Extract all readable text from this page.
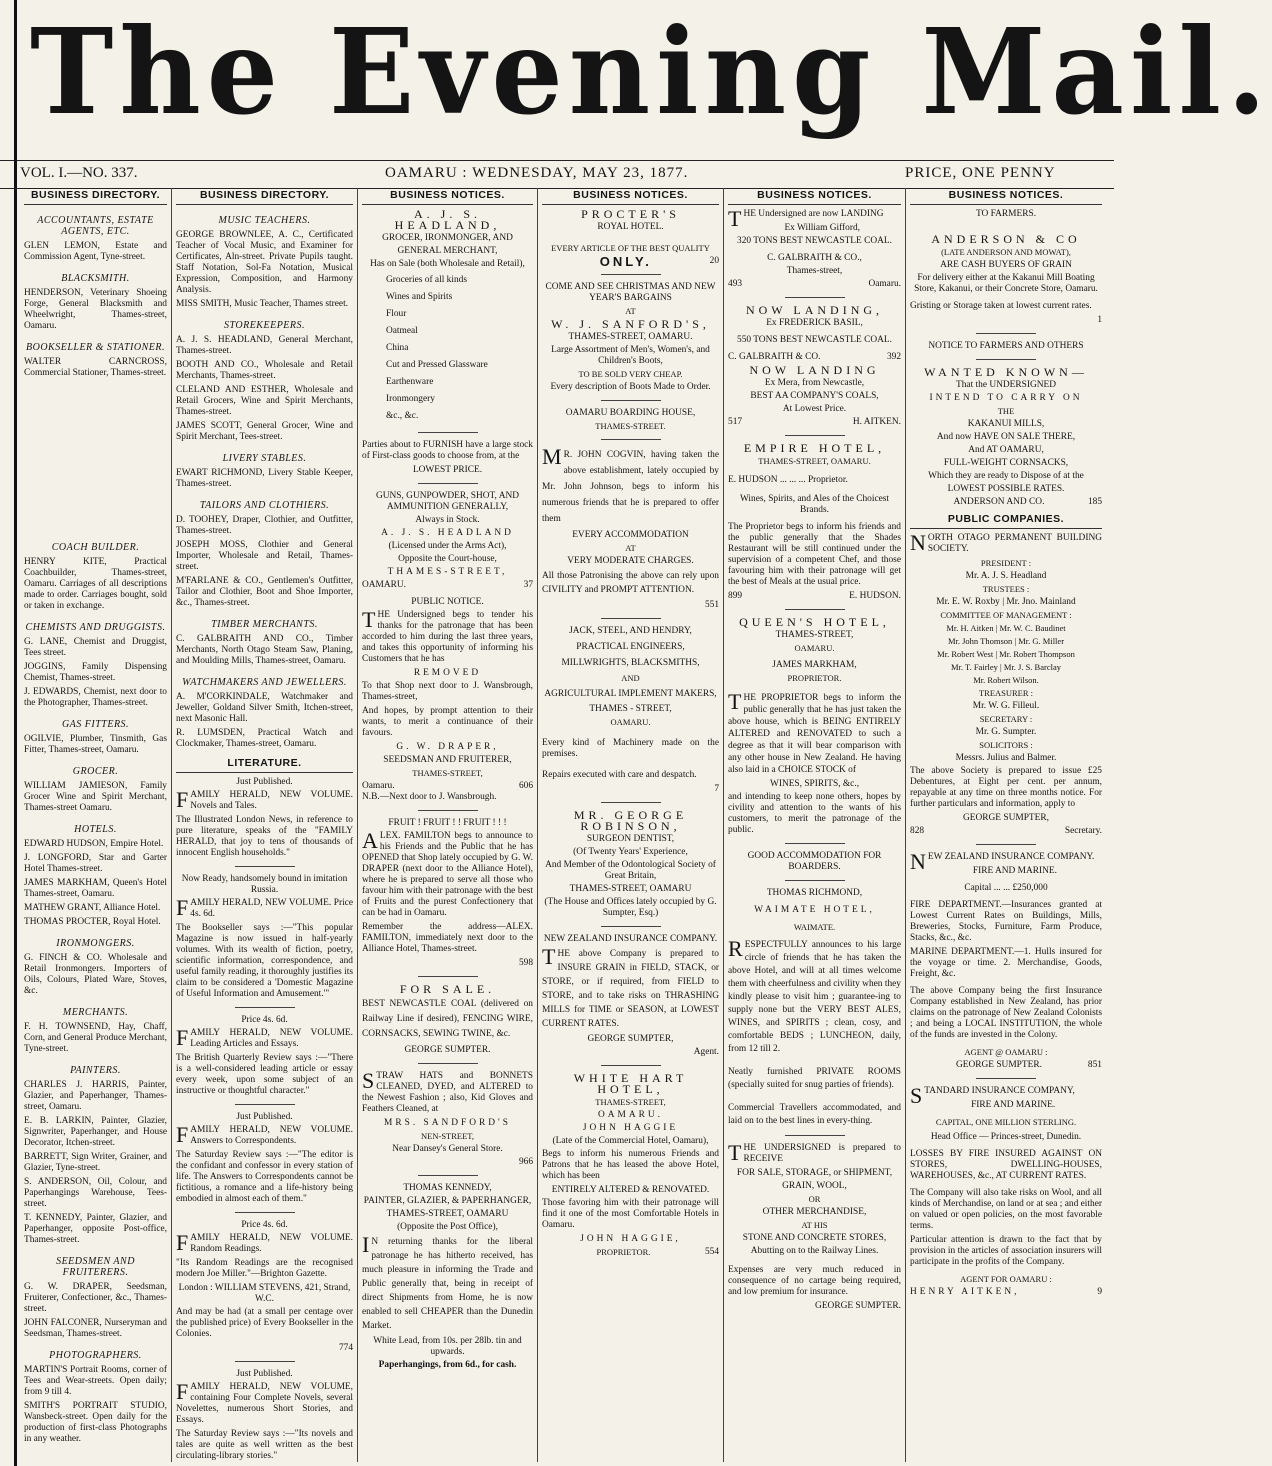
The Evening Mail.
VOL. I.—NO. 337.	OAMARU : WEDNESDAY, MAY 23, 1877.	PRICE, ONE PENNY
BUSINESS DIRECTORY.
ACCOUNTANTS, ESTATE AGENTS, ETC.
GLEN LEMON, Estate and Commission Agent, Tyne-street.
BLACKSMITH.
HENDERSON, Veterinary Shoeing Forge, General Blacksmith and Wheelwright, Thames-street, Oamaru.
BOOKSELLER & STATIONER.
WALTER CARNCROSS, Commercial Stationer, Thames-street.
COACH BUILDER.
HENRY KITE, Practical Coachbuilder, Thames-street, Oamaru. Carriages of all descriptions made to order. Carriages bought, sold or taken in exchange.
CHEMISTS AND DRUGGISTS.
G. LANE, Chemist and Druggist, Tees street.
JOGGINS, Family Dispensing Chemist, Thames-street.
J. EDWARDS, Chemist, next door to the Photographer, Thames-street.
GAS FITTERS.
OGILVIE, Plumber, Tinsmith, Gas Fitter, Thames-street, Oamaru.
GROCER.
WILLIAM JAMIESON, Family Grocer Wine and Spirit Merchant, Thames-street Oamaru.
HOTELS.
EDWARD HUDSON, Empire Hotel.
J. LONGFORD, Star and Garter Hotel Thames-street.
JAMES MARKHAM, Queen's Hotel Thames-street, Oamaru.
MATHEW GRANT, Alliance Hotel.
THOMAS PROCTER, Royal Hotel.
IRONMONGERS.
G. FINCH & CO. Wholesale and Retail Ironmongers. Importers of Oils, Colours, Plated Ware, Stoves, &c.
MERCHANTS.
F. H. TOWNSEND, Hay, Chaff, Corn, and General Produce Merchant, Tyne-street.
PAINTERS.
CHARLES J. HARRIS, Painter, Glazier, and Paperhanger, Thames-street, Oamaru.
E. B. LARKIN, Painter, Glazier, Signwriter, Paperhanger, and House Decorator, Itchen-street.
BARRETT, Sign Writer, Grainer, and Glazier, Tyne-street.
S. ANDERSON, Oil, Colour, and Paperhangings Warehouse, Tees-street.
T. KENNEDY, Painter, Glazier, and Paperhanger, opposite Post-office, Thames-street.
SEEDSMEN AND FRUITERERS.
G. W. DRAPER, Seedsman, Fruiterer, Confectioner, &c., Thames-street.
JOHN FALCONER, Nurseryman and Seedsman, Thames-street.
PHOTOGRAPHERS.
MARTIN'S Portrait Rooms, corner of Tees and Wear-streets. Open daily; from 9 till 4.
SMITH'S PORTRAIT STUDIO, Wansbeck-street. Open daily for the production of first-class Photographs in any weather.
BUSINESS DIRECTORY.
MUSIC TEACHERS.
GEORGE BROWNLEE, A. C., Certificated Teacher of Vocal Music, and Examiner for Certificates, Aln-street. Private Pupils taught. Staff Notation, Sol-Fa Notation, Musical Expression, Composition, and Harmony Analysis.
MISS SMITH, Music Teacher, Thames street.
STOREKEEPERS.
A. J. S. HEADLAND, General Merchant, Thames-street.
BOOTH AND CO., Wholesale and Retail Merchants, Thames-street.
CLELAND AND ESTHER, Wholesale and Retail Grocers, Wine and Spirit Merchants, Thames-street.
JAMES SCOTT, General Grocer, Wine and Spirit Merchant, Tees-street.
LIVERY STABLES.
EWART RICHMOND, Livery Stable Keeper, Thames-street.
TAILORS AND CLOTHIERS.
D. TOOHEY, Draper, Clothier, and Outfitter, Thames-street.
JOSEPH MOSS, Clothier and General Importer, Wholesale and Retail, Thames-street.
M'FARLANE & CO., Gentlemen's Outfitter, Tailor and Clothier, Boot and Shoe Importer, &c., Thames-street.
TIMBER MERCHANTS.
C. GALBRAITH AND CO., Timber Merchants, North Otago Steam Saw, Planing, and Moulding Mills, Thames-street, Oamaru.
WATCHMAKERS AND JEWELLERS.
A. M'CORKINDALE, Watchmaker and Jeweller, Goldand Silver Smith, Itchen-street, next Masonic Hall.
R. LUMSDEN, Practical Watch and Clockmaker, Thames-street, Oamaru.
LITERATURE.
Just Published.
FAMILY HERALD, NEW VOLUME. Novels and Tales.
The Illustrated London News, in reference to pure literature, speaks of the "FAMILY HERALD, that joy to tens of thousands of innocent English households."
Now Ready, handsomely bound in imitation Russia.
FAMILY HERALD, NEW VOLUME. Price 4s. 6d.
The Bookseller says :—"This popular Magazine is now issued in half-yearly volumes. With its wealth of fiction, poetry, scientific information, correspondence, and useful family reading, it thoroughly justifies its claim to be considered a 'Domestic Magazine of Useful Information and Amusement.'"
Price 4s. 6d.
FAMILY HERALD, NEW VOLUME. Leading Articles and Essays.
The British Quarterly Review says :—"There is a well-considered leading article or essay every week, upon some subject of an instructive or thoughtful character."
Just Published.
FAMILY HERALD, NEW VOLUME. Answers to Correspondents.
The Saturday Review says :—"The editor is the confidant and confessor in every station of life. The Answers to Correspondents cannot be fictitious, a romance and a life-history being embodied in almost each of them."
Price 4s. 6d.
FAMILY HERALD, NEW VOLUME. Random Readings.
"Its Random Readings are the recognised modern Joe Miller."—Brighton Gazette.
London : WILLIAM STEVENS, 421, Strand, W.C.
And may be had (at a small per centage over the published price) of Every Bookseller in the Colonies.
774
Just Published.
FAMILY HERALD, NEW VOLUME, containing Four Complete Novels, several Novelettes, numerous Short Stories, and Essays.
The Saturday Review says :—"Its novels and tales are quite as well written as the best circulating-library stories."
BUSINESS NOTICES.
A. J. S. HEADLAND,
GROCER, IRONMONGER, AND
GENERAL MERCHANT,
Has on Sale (both Wholesale and Retail),
Groceries of all kinds
Wines and Spirits
Flour
Oatmeal
China
Cut and Pressed Glassware
Earthenware
Ironmongery
&c., &c.
Parties about to FURNISH have a large stock of First-class goods to choose from, at the
LOWEST PRICE.
GUNS, GUNPOWDER, SHOT, AND AMMUNITION GENERALLY,
Always in Stock.
A. J. S. HEADLAND
(Licensed under the Arms Act),
Opposite the Court-house,
THAMES-STREET,
OAMARU.	37
PUBLIC NOTICE.
THE Undersigned begs to tender his thanks for the patronage that has been accorded to him during the last three years, and takes this opportunity of informing his Customers that he has
REMOVED
To that Shop next door to J. Wansbrough, Thames-street,
And hopes, by prompt attention to their wants, to merit a continuance of their favours.
G. W. DRAPER,
SEEDSMAN AND FRUITERER,
THAMES-STREET,
Oamaru.	606
N.B.—Next door to J. Wansbrough.
FRUIT ! FRUIT ! ! FRUIT ! ! !
ALEX. FAMILTON begs to announce to his Friends and the Public that he has OPENED that Shop lately occupied by G. W. DRAPER (next door to the Alliance Hotel), where he is prepared to serve all those who favour him with their patronage with the best of Fruits and the purest Confectionery that can be had in Oamaru.
Remember the address—ALEX. FAMILTON, immediately next door to the Alliance Hotel, Thames-street.
598
FOR SALE.
BEST NEWCASTLE COAL (delivered on Railway Line if desired), FENCING WIRE, CORNSACKS, SEWING TWINE, &c.
GEORGE SUMPTER.
STRAW HATS and BONNETS CLEANED, DYED, and ALTERED to the Newest Fashion ; also, Kid Gloves and Feathers Cleaned, at
MRS. SANDFORD'S
NEN-STREET,
Near Dansey's General Store.
966
THOMAS KENNEDY,
PAINTER, GLAZIER, & PAPERHANGER,
THAMES-STREET, OAMARU
(Opposite the Post Office),
IN returning thanks for the liberal patronage he has hitherto received, has much pleasure in informing the Trade and Public generally that, being in receipt of direct Shipments from Home, he is now enabled to sell CHEAPER than the Dunedin Market.
White Lead, from 10s. per 28lb. tin and upwards.
Paperhangings, from 6d., for cash.
BUSINESS NOTICES.
PROCTER'S
ROYAL HOTEL.
EVERY ARTICLE OF THE BEST QUALITY
ONLY.	20
COME AND SEE CHRISTMAS AND NEW YEAR'S BARGAINS
AT
W. J. SANFORD'S,
THAMES-STREET, OAMARU.
Large Assortment of Men's, Women's, and Children's Boots,
TO BE SOLD VERY CHEAP.
Every description of Boots Made to Order.
OAMARU BOARDING HOUSE,
THAMES-STREET.
MR. JOHN COGVIN, having taken the above establishment, lately occupied by Mr. John Johnson, begs to inform his numerous friends that he is prepared to offer them
EVERY ACCOMMODATION
AT
VERY MODERATE CHARGES.
All those Patronising the above can rely upon CIVILITY and PROMPT ATTENTION.
551
JACK, STEEL, AND HENDRY,
PRACTICAL ENGINEERS, MILLWRIGHTS, BLACKSMITHS,
AND
AGRICULTURAL IMPLEMENT MAKERS,
THAMES - STREET,
OAMARU.
Every kind of Machinery made on the premises.
Repairs executed with care and despatch.
7
MR. GEORGE ROBINSON,
SURGEON DENTIST,
(Of Twenty Years' Experience,
And Member of the Odontological Society of Great Britain,
THAMES-STREET, OAMARU
(The House and Offices lately occupied by G. Sumpter, Esq.)
NEW ZEALAND INSURANCE COMPANY.
THE above Company is prepared to INSURE GRAIN in FIELD, STACK, or STORE, or if required, from FIELD to STORE, and to take risks on THRASHING MILLS for TIME or SEASON, at LOWEST CURRENT RATES.
GEORGE SUMPTER,
Agent.
WHITE HART HOTEL,
THAMES-STREET,
OAMARU.
JOHN HAGGIE
(Late of the Commercial Hotel, Oamaru),
Begs to inform his numerous Friends and Patrons that he has leased the above Hotel, which has been
ENTIRELY ALTERED & RENOVATED.
Those favoring him with their patronage will find it one of the most Comfortable Hotels in Oamaru.
JOHN HAGGIE,
PROPRIETOR.	554
BUSINESS NOTICES.
THE Undersigned are now LANDING
Ex William Gifford,
320 TONS BEST NEWCASTLE COAL.
C. GALBRAITH & CO.,
Thames-street,
493	Oamaru.
NOW LANDING,
Ex FREDERICK BASIL,
550 TONS BEST NEWCASTLE COAL.
C. GALBRAITH & CO.	392
NOW LANDING
Ex Mera, from Newcastle,
BEST AA COMPANY'S COALS,
At Lowest Price.
517	H. AITKEN.
EMPIRE HOTEL,
THAMES-STREET, OAMARU.
E. HUDSON ... ... ... Proprietor.
Wines, Spirits, and Ales of the Choicest Brands.
The Proprietor begs to inform his friends and the public generally that the Shades Restaurant will be still continued under the supervision of a competent Chef, and those favouring him with their patronage will get the best of Meals at the usual price.
899	E. HUDSON.
QUEEN'S HOTEL,
THAMES-STREET,
OAMARU.
JAMES MARKHAM,
PROPRIETOR.
THE PROPRIETOR begs to inform the public generally that he has just taken the above house, which is BEING ENTIRELY ALTERED and RENOVATED to such a degree as that it will bear comparison with any other house in New Zealand. He having also laid in a CHOICE STOCK of
WINES, SPIRITS, &c.,
and intending to keep none others, hopes by civility and attention to the wants of his customers, to merit the patronage of the public.
GOOD ACCOMMODATION FOR BOARDERS.
THOMAS RICHMOND,
WAIMATE HOTEL,
WAIMATE.
RESPECTFULLY announces to his large circle of friends that he has taken the above Hotel, and will at all times welcome them with cheerfulness and civility when they kindly please to visit him ; guarantee-ing to supply none but the VERY BEST ALES, WINES, and SPIRITS ; clean, cosy, and comfortable BEDS ; LUNCHEON, daily, from 12 till 2.
Neatly furnished PRIVATE ROOMS (specially suited for snug parties of friends).
Commercial Travellers accommodated, and laid on to the best lines in every-thing.
THE UNDERSIGNED is prepared to RECEIVE
FOR SALE, STORAGE, or SHIPMENT,
GRAIN, WOOL,
OR
OTHER MERCHANDISE,
AT HIS
STONE AND CONCRETE STORES,
Abutting on to the Railway Lines.
Expenses are very much reduced in consequence of no cartage being required, and low premium for insurance.
GEORGE SUMPTER.
BUSINESS NOTICES.
TO FARMERS.
ANDERSON & CO
(LATE ANDERSON AND MOWAT),
ARE CASH BUYERS OF GRAIN
For delivery either at the Kakanui Mill Boating Store, Kakanui, or their Concrete Store, Oamaru.
Gristing or Storage taken at lowest current rates.
1
NOTICE TO FARMERS AND OTHERS
WANTED KNOWN—
That the UNDERSIGNED
INTEND TO CARRY ON
THE
KAKANUI MILLS,
And now HAVE ON SALE THERE,
And AT OAMARU,
FULL-WEIGHT CORNSACKS,
Which they are ready to Dispose of at the
LOWEST POSSIBLE RATES.
ANDERSON AND CO.	185
PUBLIC COMPANIES.
NORTH OTAGO PERMANENT BUILDING SOCIETY.
PRESIDENT :
Mr. A. J. S. Headland
TRUSTEES :
Mr. E. W. Roxby | Mr. Jno. Mainland
COMMITTEE OF MANAGEMENT :
Mr. H. Aitken | Mr. W. C. Baudinet
Mr. John Thomson | Mr. G. Miller
Mr. Robert West | Mr. Robert Thompson
Mr. T. Fairley | Mr. J. S. Barclay
Mr. Robert Wilson.
TREASURER :
Mr. W. G. Filleul.
SECRETARY :
Mr. G. Sumpter.
SOLICITORS :
Messrs. Julius and Balmer.
The above Society is prepared to issue £25 Debentures, at Eight per cent. per annum, repayable at any time on three months notice. For further particulars and information, apply to
GEORGE SUMPTER,
828	Secretary.
NEW ZEALAND INSURANCE COMPANY.
FIRE AND MARINE.
Capital ... ... £250,000
FIRE DEPARTMENT.—Insurances granted at Lowest Current Rates on Buildings, Mills, Breweries, Stocks, Furniture, Farm Produce, Stacks, &c., &c.
MARINE DEPARTMENT.—1. Hulls insured for the voyage or time. 2. Merchandise, Goods, Freight, &c.
The above Company being the first Insurance Company established in New Zealand, has prior claims on the patronage of New Zealand Colonists ; and being a LOCAL INSTITUTION, the whole of the funds are invested in the Colony.
AGENT @ OAMARU :
GEORGE SUMPTER.	851
STANDARD INSURANCE COMPANY,
FIRE AND MARINE.
CAPITAL, ONE MILLION STERLING.
Head Office — Princes-street, Dunedin.
LOSSES BY FIRE INSURED AGAINST ON STORES, DWELLING-HOUSES, WAREHOUSES, &c., AT CURRENT RATES.
The Company will also take risks on Wool, and all kinds of Merchandise, on land or at sea ; and either on valued or open policies, on the most favorable terms.
Particular attention is drawn to the fact that by provision in the articles of association insurers will participate in the profits of the Company.
AGENT FOR OAMARU :
HENRY AITKEN,	9
